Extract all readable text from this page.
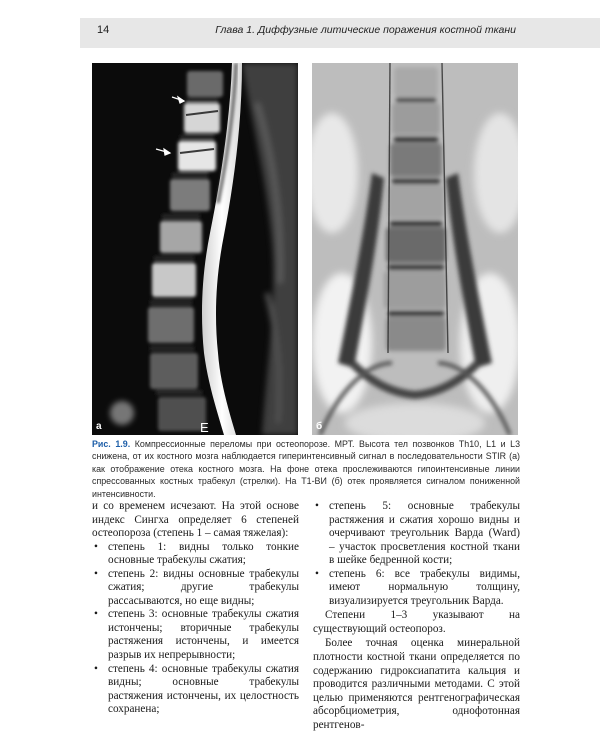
14	Глава 1. Диффузные литические поражения костной ткани
а	E	б
Рис. 1.9. Компрессионные переломы при остеопорозе. МРТ. Высота тел позвонков Th10, L1 и L3 снижена, от их костного мозга наблюдается гиперинтенсивный сигнал в последовательности STIR (а) как отображение отека костного мозга. На фоне отека прослеживаются гипоинтенсивные линии спрессованных костных трабекул (стрелки). На Т1-ВИ (б) отек проявляется сигналом пониженной интенсивности.

и со временем исчезают. На этой основе индекс Сингха определяет 6 степеней остеопороза (степень 1 – самая тяжелая):

• степень 1: видны только тонкие основные трабекулы сжатия;
• степень 2: видны основные трабекулы сжатия; другие трабекулы рассасываются, но еще видны;
• степень 3: основные трабекулы сжатия истончены; вторичные трабекулы растяжения истончены, и имеется разрыв их непрерывности;
• степень 4: основные трабекулы сжатия видны; основные трабекулы растяжения истончены, их целостность сохранена;
• степень 5: основные трабекулы растяжения и сжатия хорошо видны и очерчивают треугольник Варда (Ward) – участок просветления костной ткани в шейке бедренной кости;
• степень 6: все трабекулы видимы, имеют нормальную толщину, визуализируется треугольник Варда.

Степени 1–3 указывают на существующий остеопороз.

Более точная оценка минеральной плотности костной ткани определяется по содержанию гидроксиапатита кальция и проводится различными методами. С этой целью применяются рентгенографическая абсорбциометрия, однофотонная рентгенов-
